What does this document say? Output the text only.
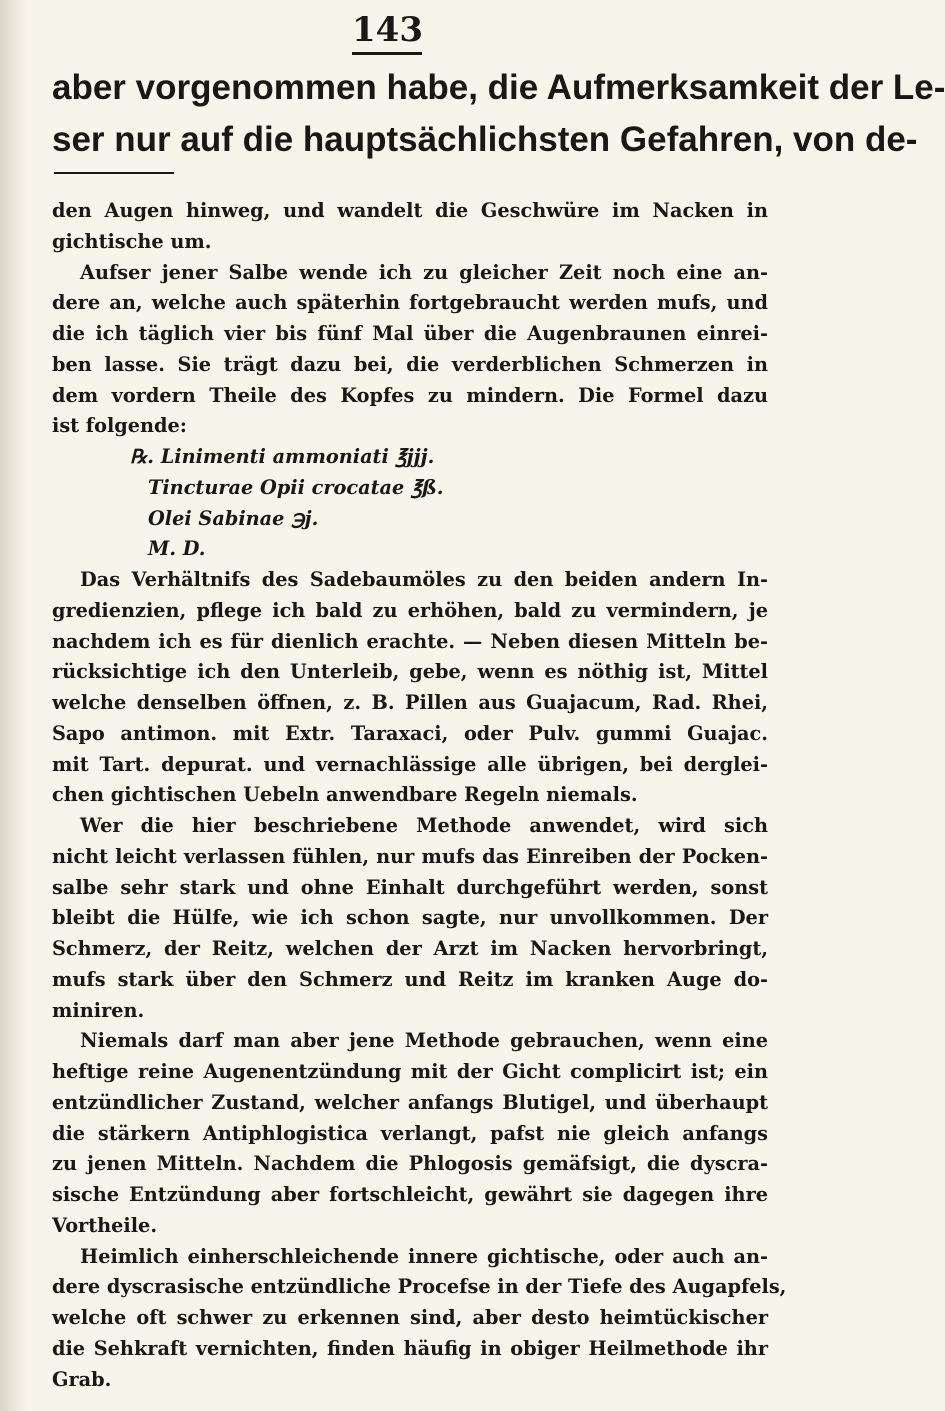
143
aber vorgenommen habe, die Aufmerksamkeit der Le-
ser nur auf die hauptsächlichsten Gefahren, von de-
den Augen hinweg, und wandelt die Geschwüre im Nacken in
gichtische um.
Aufser jener Salbe wende ich zu gleicher Zeit noch eine an-
dere an, welche auch späterhin fortgebraucht werden mufs, und
die ich täglich vier bis fünf Mal über die Augenbraunen einrei-
ben lasse. Sie trägt dazu bei, die verderblichen Schmerzen in
dem vordern Theile des Kopfes zu mindern. Die Formel dazu
ist folgende:
℞. Linimenti ammoniati ℥jjj.
Tincturae Opii crocatae ℥ß.
Olei Sabinae ℈j.
M. D.
Das Verhältnifs des Sadebaumöles zu den beiden andern In-
gredienzien, pflege ich bald zu erhöhen, bald zu vermindern, je
nachdem ich es für dienlich erachte. — Neben diesen Mitteln be-
rücksichtige ich den Unterleib, gebe, wenn es nöthig ist, Mittel
welche denselben öffnen, z. B. Pillen aus Guajacum, Rad. Rhei,
Sapo antimon. mit Extr. Taraxaci, oder Pulv. gummi Guajac.
mit Tart. depurat. und vernachlässige alle übrigen, bei derglei-
chen gichtischen Uebeln anwendbare Regeln niemals.
Wer die hier beschriebene Methode anwendet, wird sich
nicht leicht verlassen fühlen, nur mufs das Einreiben der Pocken-
salbe sehr stark und ohne Einhalt durchgeführt werden, sonst
bleibt die Hülfe, wie ich schon sagte, nur unvollkommen. Der
Schmerz, der Reitz, welchen der Arzt im Nacken hervorbringt,
mufs stark über den Schmerz und Reitz im kranken Auge do-
miniren.
Niemals darf man aber jene Methode gebrauchen, wenn eine
heftige reine Augenentzündung mit der Gicht complicirt ist; ein
entzündlicher Zustand, welcher anfangs Blutigel, und überhaupt
die stärkern Antiphlogistica verlangt, pafst nie gleich anfangs
zu jenen Mitteln. Nachdem die Phlogosis gemäfsigt, die dyscra-
sische Entzündung aber fortschleicht, gewährt sie dagegen ihre
Vortheile.
Heimlich einherschleichende innere gichtische, oder auch an-
dere dyscrasische entzündliche Procefse in der Tiefe des Augapfels,
welche oft schwer zu erkennen sind, aber desto heimtückischer
die Sehkraft vernichten, finden häufig in obiger Heilmethode ihr
Grab.
